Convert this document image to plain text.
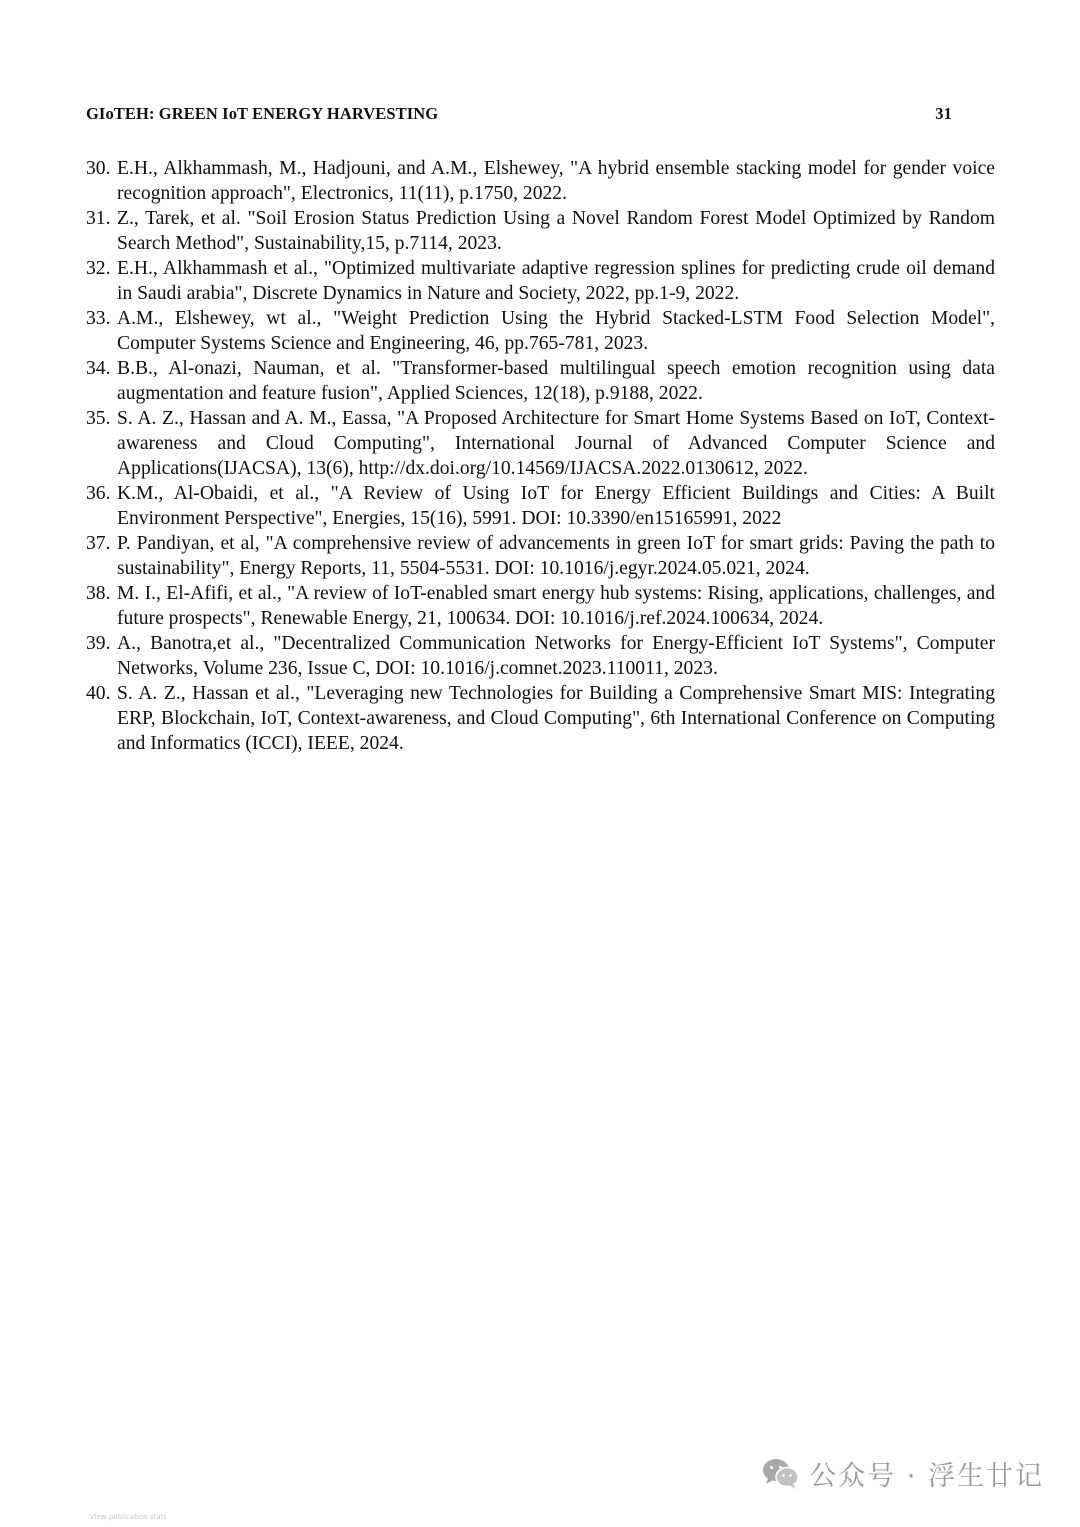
GIoTEH: GREEN IoT ENERGY HARVESTING	31
30. E.H., Alkhammash, M., Hadjouni, and A.M., Elshewey, "A hybrid ensemble stacking model for gender voice recognition approach", Electronics, 11(11), p.1750, 2022.
31. Z., Tarek, et al. "Soil Erosion Status Prediction Using a Novel Random Forest Model Optimized by Random Search Method", Sustainability,15, p.7114, 2023.
32. E.H., Alkhammash et al., "Optimized multivariate adaptive regression splines for predicting crude oil demand in Saudi arabia", Discrete Dynamics in Nature and Society, 2022, pp.1-9, 2022.
33. A.M., Elshewey, wt al., "Weight Prediction Using the Hybrid Stacked-LSTM Food Selection Model", Computer Systems Science and Engineering, 46, pp.765-781, 2023.
34. B.B., Al-onazi, Nauman, et al. "Transformer-based multilingual speech emotion recognition using data augmentation and feature fusion", Applied Sciences, 12(18), p.9188, 2022.
35. S. A. Z., Hassan and A. M., Eassa, "A Proposed Architecture for Smart Home Systems Based on IoT, Context-awareness and Cloud Computing", International Journal of Advanced Computer Science and Applications(IJACSA), 13(6), http://dx.doi.org/10.14569/IJACSA.2022.0130612, 2022.
36. K.M., Al-Obaidi, et al., "A Review of Using IoT for Energy Efficient Buildings and Cities: A Built Environment Perspective", Energies, 15(16), 5991. DOI: 10.3390/en15165991, 2022
37. P. Pandiyan, et al, "A comprehensive review of advancements in green IoT for smart grids: Paving the path to sustainability", Energy Reports, 11, 5504-5531. DOI: 10.1016/j.egyr.2024.05.021, 2024.
38. M. I., El-Afifi, et al., "A review of IoT-enabled smart energy hub systems: Rising, applications, challenges, and future prospects", Renewable Energy, 21, 100634. DOI: 10.1016/j.ref.2024.100634, 2024.
39. A., Banotra,et al., "Decentralized Communication Networks for Energy-Efficient IoT Systems", Computer Networks, Volume 236, Issue C, DOI: 10.1016/j.comnet.2023.110011, 2023.
40. S. A. Z., Hassan et al., "Leveraging new Technologies for Building a Comprehensive Smart MIS: Integrating ERP, Blockchain, IoT, Context-awareness, and Cloud Computing", 6th International Conference on Computing and Informatics (ICCI), IEEE, 2024.
公众号 · 浮生廿记
View publication stats
